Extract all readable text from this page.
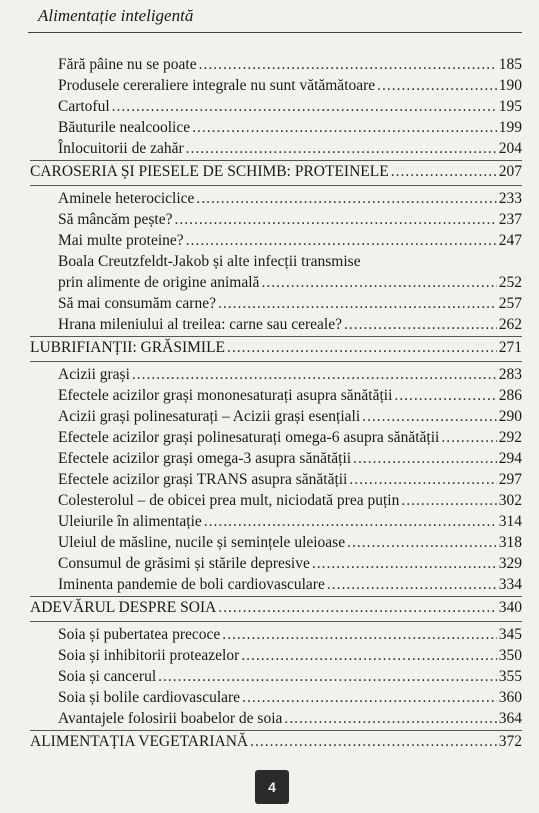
Alimentație inteligentă
Fără pâine nu se poate .....	185
Produsele cereraliere integrale nu sunt vătămătoare .....	190
Cartoful .....	195
Băuturile nealcoolice .....	199
Înlocuitorii de zahăr .....	204
CAROSERIA ȘI PIESELE DE SCHIMB: PROTEINELE .....	207
Aminele heterociclice .....	233
Să mâncăm pește? .....	237
Mai multe proteine? .....	247
Boala Creutzfeldt-Jakob și alte infecții transmise
prin alimente de origine animală .....	252
Să mai consumăm carne? .....	257
Hrana mileniului al treilea: carne sau cereale? .....	262
LUBRIFIANȚII: GRĂSIMILE .....	271
Acizii grași .....	283
Efectele acizilor grași mononesaturați asupra sănătății .....	286
Acizii grași polinesaturați – Acizii grași esențiali .....	290
Efectele acizilor grași polinesaturați omega-6 asupra sănătății .....	292
Efectele acizilor grași omega-3 asupra sănătății .....	294
Efectele acizilor grași TRANS asupra sănătății .....	297
Colesterolul – de obicei prea mult, niciodată prea puțin .....	302
Uleiurile în alimentație .....	314
Uleiul de măsline, nucile și semințele uleioase .....	318
Consumul de grăsimi și stările depresive .....	329
Iminenta pandemie de boli cardiovasculare .....	334
ADEVĂRUL DESPRE SOIA .....	340
Soia și pubertatea precoce .....	345
Soia și inhibitorii proteazelor .....	350
Soia și cancerul .....	355
Soia și bolile cardiovasculare .....	360
Avantajele folosirii boabelor de soia .....	364
ALIMENTAȚIA VEGETARIANĂ .....	372
4
